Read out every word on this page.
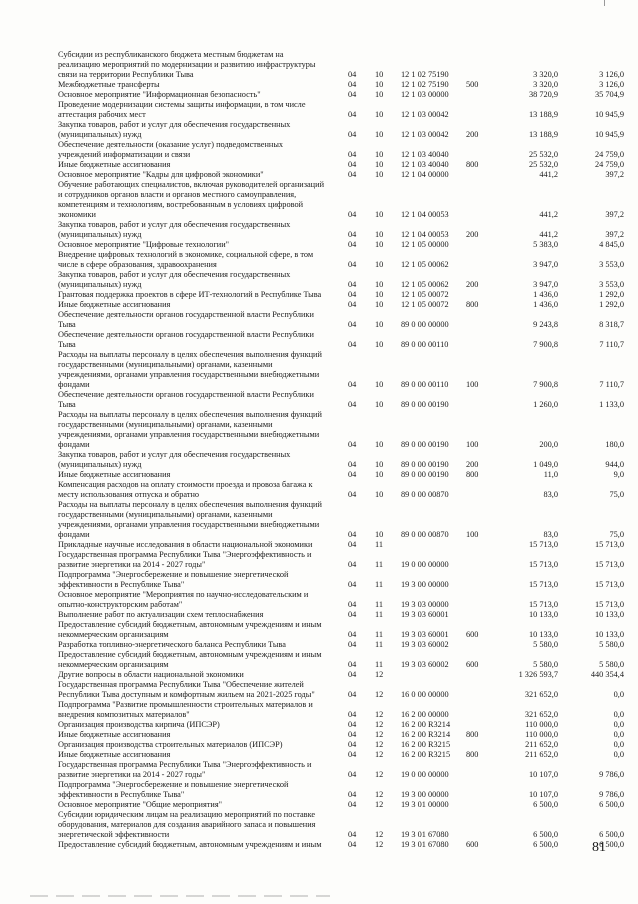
Субсидии из республиканского бюджета местным бюджетам на
реализацию мероприятий по модернизации и развитию инфраструктуры
связи на территории Республики Тыва	04	10	12 1 02 75190	3 320,0	3 126,0
Межбюджетные трансферты	04	10	12 1 02 75190	500	3 320,0	3 126,0
Основное мероприятие "Информационная безопасность"	04	10	12 1 03 00000	38 720,9	35 704,9
Проведение модернизации системы защиты информации, в том числе
аттестация рабочих мест	04	10	12 1 03 00042	13 188,9	10 945,9
Закупка товаров, работ и услуг для обеспечения государственных
(муниципальных) нужд	04	10	12 1 03 00042	200	13 188,9	10 945,9
Обеспечение деятельности (оказание услуг) подведомственных
учреждений информатизации и связи	04	10	12 1 03 40040	25 532,0	24 759,0
Иные бюджетные ассигнования	04	10	12 1 03 40040	800	25 532,0	24 759,0
Основное мероприятие "Кадры для цифровой экономики"	04	10	12 1 04 00000	441,2	397,2
Обучение работающих специалистов, включая руководителей организаций
и сотрудников органов власти и органов местного самоуправления,
компетенциям и технологиям, востребованным в условиях цифровой
экономики	04	10	12 1 04 00053	441,2	397,2
Закупка товаров, работ и услуг для обеспечения государственных
(муниципальных) нужд	04	10	12 1 04 00053	200	441,2	397,2
Основное мероприятие "Цифровые технологии"	04	10	12 1 05 00000	5 383,0	4 845,0
Внедрение цифровых технологий в экономике, социальной сфере, в том
числе в сфере образования, здравоохранения	04	10	12 1 05 00062	3 947,0	3 553,0
Закупка товаров, работ и услуг для обеспечения государственных
(муниципальных) нужд	04	10	12 1 05 00062	200	3 947,0	3 553,0
Грантовая поддержка проектов в сфере ИТ-технологий в Республике Тыва	04	10	12 1 05 00072	1 436,0	1 292,0
Иные бюджетные ассигнования	04	10	12 1 05 00072	800	1 436,0	1 292,0
Обеспечение деятельности органов государственной власти Республики
Тыва	04	10	89 0 00 00000	9 243,8	8 318,7
Обеспечение деятельности органов государственной власти Республики
Тыва	04	10	89 0 00 00110	7 900,8	7 110,7
Расходы на выплаты персоналу в целях обеспечения выполнения функций
государственными (муниципальными) органами, казенными
учреждениями, органами управления государственными внебюджетными
фондами	04	10	89 0 00 00110	100	7 900,8	7 110,7
Обеспечение деятельности органов государственной власти Республики
Тыва	04	10	89 0 00 00190	1 260,0	1 133,0
Расходы на выплаты персоналу в целях обеспечения выполнения функций
государственными (муниципальными) органами, казенными
учреждениями, органами управления государственными внебюджетными
фондами	04	10	89 0 00 00190	100	200,0	180,0
Закупка товаров, работ и услуг для обеспечения государственных
(муниципальных) нужд	04	10	89 0 00 00190	200	1 049,0	944,0
Иные бюджетные ассигнования	04	10	89 0 00 00190	800	11,0	9,0
Компенсация расходов на оплату стоимости проезда и провоза багажа к
месту использования отпуска и обратно	04	10	89 0 00 00870	83,0	75,0
Расходы на выплаты персоналу в целях обеспечения выполнения функций
государственными (муниципальными) органами, казенными
учреждениями, органами управления государственными внебюджетными
фондами	04	10	89 0 00 00870	100	83,0	75,0
Прикладные научные исследования в области национальной экономики	04	11	15 713,0	15 713,0
Государственная программа Республики Тыва "Энергоэффективность и
развитие энергетики на 2014 - 2027 годы"	04	11	19 0 00 00000	15 713,0	15 713,0
Подпрограмма "Энергосбережение и повышение энергетической
эффективности в Республике Тыва"	04	11	19 3 00 00000	15 713,0	15 713,0
Основное мероприятие "Мероприятия по научно-исследовательским и
опытно-конструкторским работам"	04	11	19 3 03 00000	15 713,0	15 713,0
Выполнение работ по актуализации схем теплоснабжения	04	11	19 3 03 60001	10 133,0	10 133,0
Предоставление субсидий бюджетным, автономным учреждениям и иным
некоммерческим организациям	04	11	19 3 03 60001	600	10 133,0	10 133,0
Разработка топливно-энергетического баланса Республики Тыва	04	11	19 3 03 60002	5 580,0	5 580,0
Предоставление субсидий бюджетным, автономным учреждениям и иным
некоммерческим организациям	04	11	19 3 03 60002	600	5 580,0	5 580,0
Другие вопросы в области национальной экономики	04	12	1 326 593,7	440 354,4
Государственная программа Республики Тыва "Обеспечение жителей
Республики Тыва доступным и комфортным жильем на 2021-2025 годы"	04	12	16 0 00 00000	321 652,0	0,0
Подпрограмма "Развитие промышленности строительных материалов и
внедрения композитных материалов"	04	12	16 2 00 00000	321 652,0	0,0
Организация производства кирпича (ИПСЭР)	04	12	16 2 00 R3214	110 000,0	0,0
Иные бюджетные ассигнования	04	12	16 2 00 R3214	800	110 000,0	0,0
Организация производства строительных материалов (ИПСЭР)	04	12	16 2 00 R3215	211 652,0	0,0
Иные бюджетные ассигнования	04	12	16 2 00 R3215	800	211 652,0	0,0
Государственная программа Республики Тыва "Энергоэффективность и
развитие энергетики на 2014 - 2027 годы"	04	12	19 0 00 00000	10 107,0	9 786,0
Подпрограмма "Энергосбережение и повышение энергетической
эффективности в Республике Тыва"	04	12	19 3 00 00000	10 107,0	9 786,0
Основное мероприятие "Общие мероприятия"	04	12	19 3 01 00000	6 500,0	6 500,0
Субсидии юридическим лицам на реализацию мероприятий по поставке
оборудования, материалов для создания аварийного запаса и повышения
энергетической эффективности	04	12	19 3 01 67080	6 500,0	6 500,0
Предоставление субсидий бюджетным, автономным учреждениям и иным	04	12	19 3 01 67080	600	6 500,0	6 500,0
81
